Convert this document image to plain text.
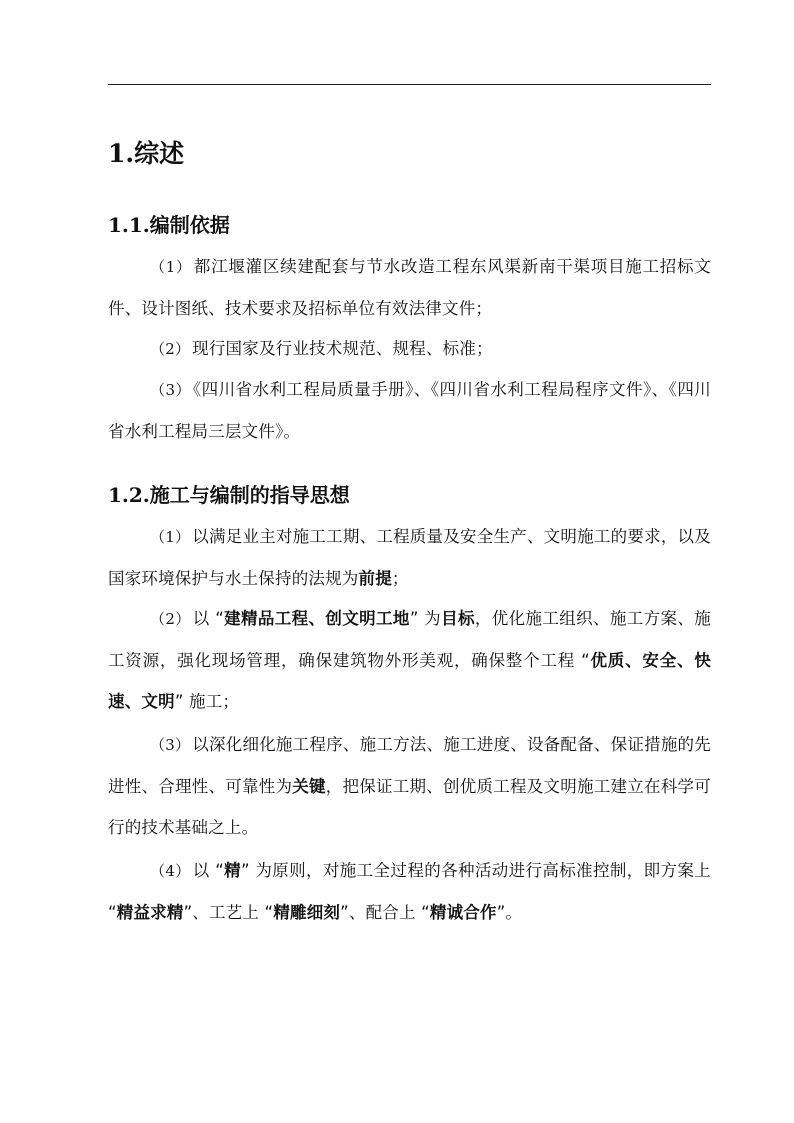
1.综述
1.1.编制依据

（1） 都江堰灌区续建配套与节水改造工程东风渠新南干渠项目施工招标文件、设计图纸、技术要求及招标单位有效法律文件；

（2） 现行国家及行业技术规范、规程、标准；

（3） 《四川省水利工程局质量手册》、《四川省水利工程局程序文件》、《四川省水利工程局三层文件》。

1.2.施工与编制的指导思想

（1） 以满足业主对施工工期、工程质量及安全生产、文明施工的要求，以及国家环境保护与水土保持的法规为前提；

（2） 以 “建精品工程、创文明工地” 为目标，优化施工组织、施工方案、施工资源，强化现场管理，确保建筑物外形美观，确保整个工程 “优质、安全、快速、文明” 施工；

（3） 以深化细化施工程序、施工方法、施工进度、设备配备、保证措施的先进性、合理性、可靠性为关键，把保证工期、创优质工程及文明施工建立在科学可行的技术基础之上。

（4） 以 “精” 为原则，对施工全过程的各种活动进行高标准控制，即方案上 “精益求精”、工艺上 “精雕细刻”、配合上 “精诚合作”。
